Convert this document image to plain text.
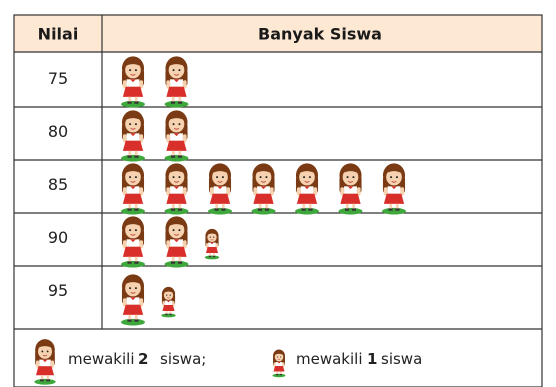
Nilai	Banyak Siswa
75
80
85
90
95
mewakili 2 siswa;	mewakili 1 siswa
